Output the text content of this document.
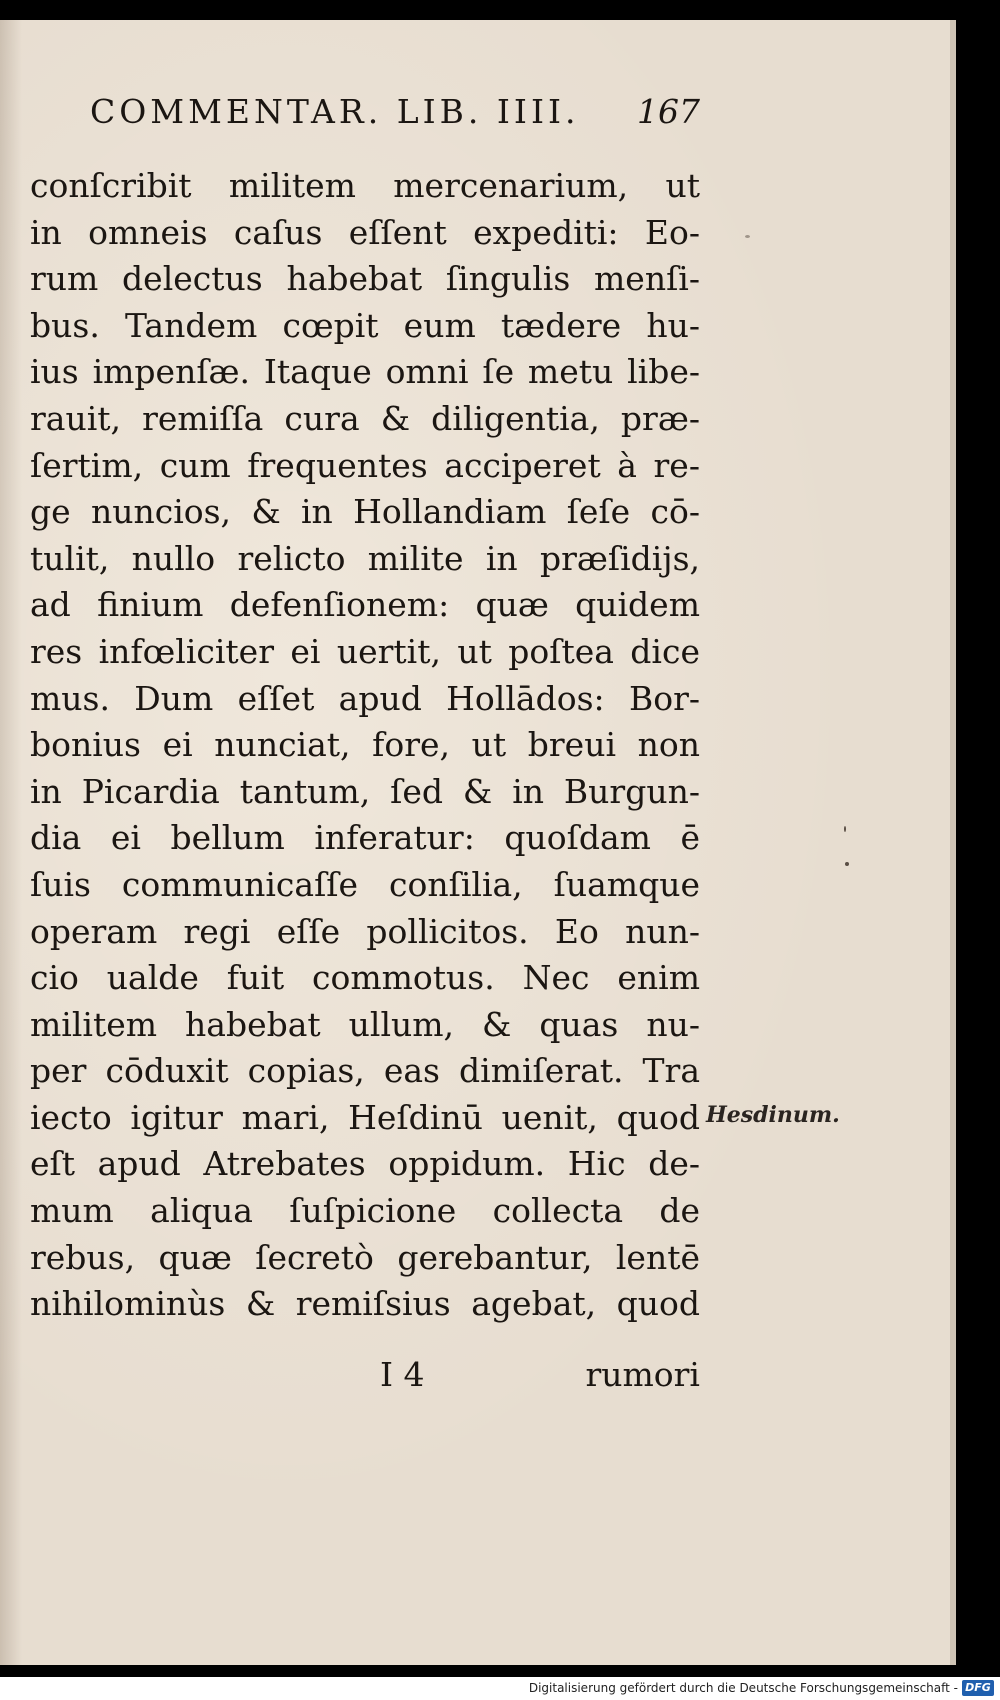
COMMENTAR. LIB. IIII. 167
conſcribit militem mercenarium, ut
in omneis caſus eſſent expediti: Eo-
rum delectus habebat ſingulis menſi-
bus. Tandem cœpit eum tædere hu-
ius impenſæ. Itaque omni ſe metu libe-
rauit, remiſſa cura & diligentia, præ-
ſertim, cum frequentes acciperet à re-
ge nuncios, & in Hollandiam ſeſe cō-
tulit, nullo relicto milite in præſidijs,
ad finium defenſionem: quæ quidem
res infœliciter ei uertit, ut poſtea dice
mus. Dum eſſet apud Hollādos: Bor-
bonius ei nunciat, fore, ut breui non
in Picardia tantum, ſed & in Burgun-
dia ei bellum inferatur: quoſdam ē
ſuis communicaſſe conſilia, ſuamque
operam regi eſſe pollicitos. Eo nun-
cio ualde fuit commotus. Nec enim
militem habebat ullum, & quas nu-
per cōduxit copias, eas dimiſerat. Tra
iecto igitur mari, Heſdinū uenit, quod
eſt apud Atrebates oppidum. Hic de-
mum aliqua ſuſpicione collecta de
rebus, quæ ſecretò gerebantur, lentē
nihilominùs & remiſsius agebat, quod
I 4	rumori
Hesdinum.
Digitalisierung gefördert durch die Deutsche Forschungsgemeinschaft - DFG
